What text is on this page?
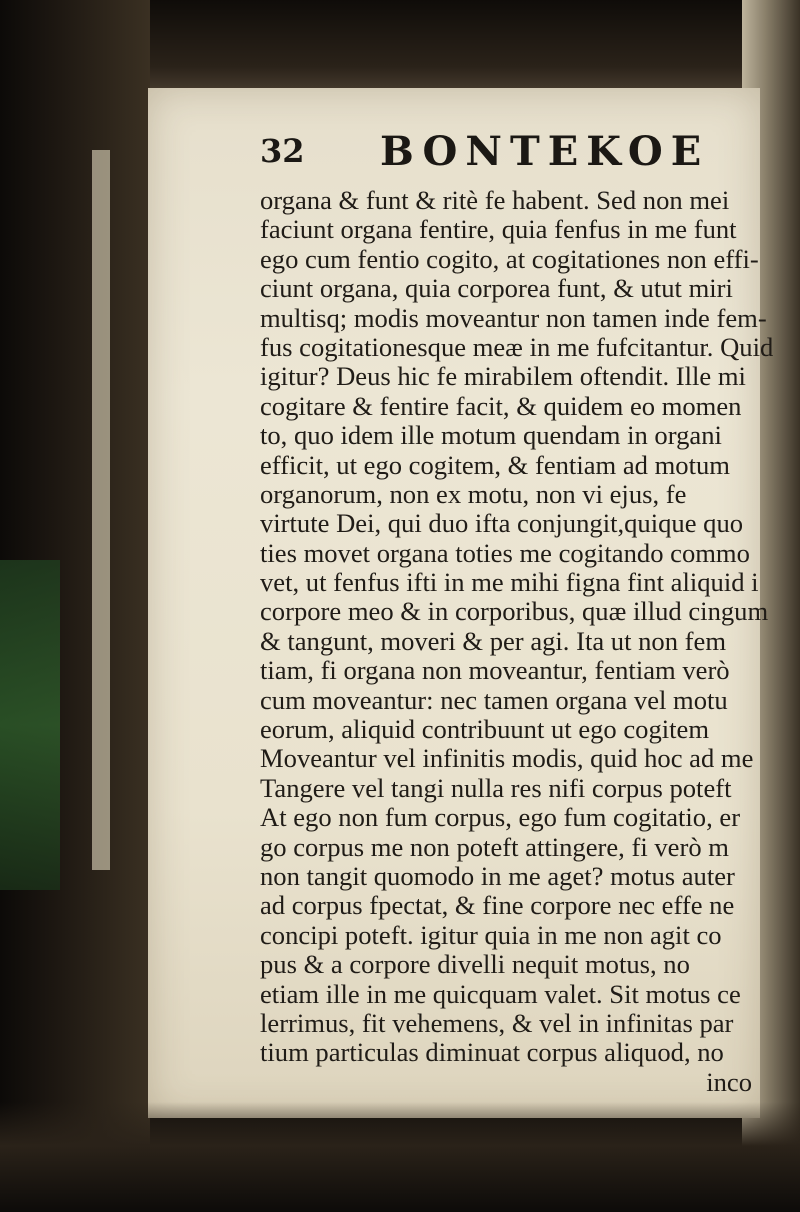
32 BONTEKOE
organa & funt & ritè fe habent. Sed non mei
faciunt organa fentire, quia fenfus in me funt
ego cum fentio cogito, at cogitationes non effi-
ciunt organa, quia corporea funt, & utut miri
multisq; modis moveantur non tamen inde fem-
fus cogitationesque meæ in me fufcitantur. Quid
igitur? Deus hic fe mirabilem oftendit. Ille mi
cogitare & fentire facit, & quidem eo momen
to, quo idem ille motum quendam in organi
efficit, ut ego cogitem, & fentiam ad motum
organorum, non ex motu, non vi ejus, fe
virtute Dei, qui duo ifta conjungit,quique quo
ties movet organa toties me cogitando commo
vet, ut fenfus ifti in me mihi figna fint aliquid i
corpore meo & in corporibus, quæ illud cingum
& tangunt, moveri & per agi. Ita ut non fem
tiam, fi organa non moveantur, fentiam verò
cum moveantur: nec tamen organa vel motu
eorum, aliquid contribuunt ut ego cogitem
Moveantur vel infinitis modis, quid hoc ad me
Tangere vel tangi nulla res nifi corpus poteft
At ego non fum corpus, ego fum cogitatio, er
go corpus me non poteft attingere, fi verò m
non tangit quomodo in me aget? motus auter
ad corpus fpectat, & fine corpore nec effe ne
concipi poteft. igitur quia in me non agit co
pus & a corpore divelli nequit motus, no
etiam ille in me quicquam valet. Sit motus ce
lerrimus, fit vehemens, & vel in infinitas par
tium particulas diminuat corpus aliquod, no
inco
